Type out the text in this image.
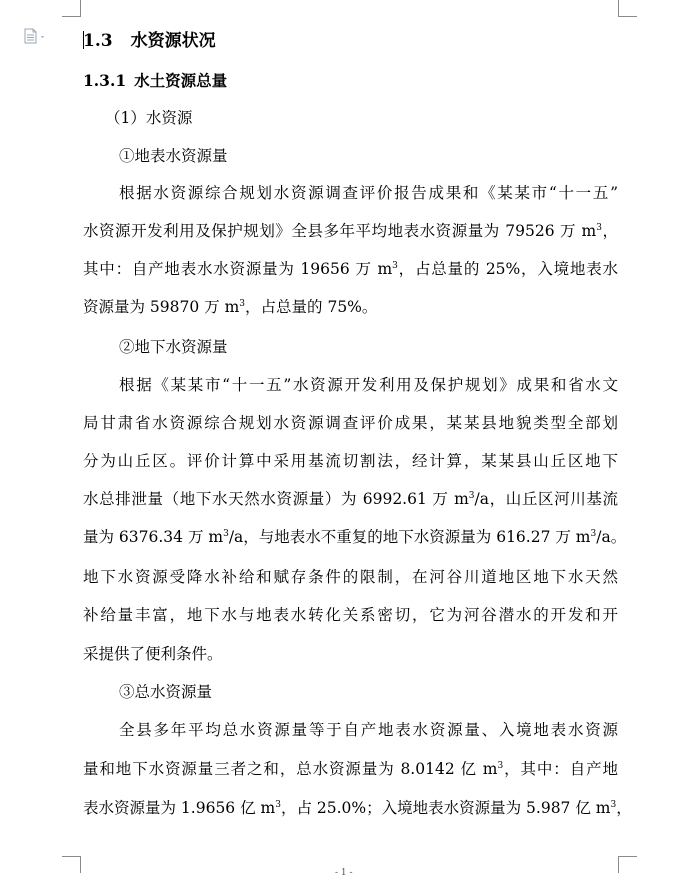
1.3 水资源状况
1.3.1 水土资源总量
（1）水资源
①地表水资源量
根据水资源综合规划水资源调查评价报告成果和《某某市“十一五”
水资源开发利用及保护规划》全县多年平均地表水资源量为 79526 万 $m^3$，
其中：自产地表水水资源量为 19656 万 $m^3$，占总量的 25%，入境地表水
资源量为 59870 万 $m^3$，占总量的 75%。
②地下水资源量
根据《某某市“十一五”水资源开发利用及保护规划》成果和省水文
局甘肃省水资源综合规划水资源调查评价成果，某某县地貌类型全部划
分为山丘区。评价计算中采用基流切割法，经计算，某某县山丘区地下
水总排泄量（地下水天然水资源量）为 6992.61 万 $m^3/a$，山丘区河川基流
量为 6376.34 万 $m^3/a$，与地表水不重复的地下水资源量为 616.27 万 $m^3/a$。
地下水资源受降水补给和赋存条件的限制，在河谷川道地区地下水天然
补给量丰富，地下水与地表水转化关系密切，它为河谷潜水的开发和开
采提供了便利条件。
③总水资源量
全县多年平均总水资源量等于自产地表水资源量、入境地表水资源
量和地下水资源量三者之和，总水资源量为 8.0142 亿 $m^3$，其中：自产地
表水资源量为 1.9656 亿 $m^3$，占 25.0%；入境地表水资源量为 5.987 亿 $m^3$，
- 1 -
